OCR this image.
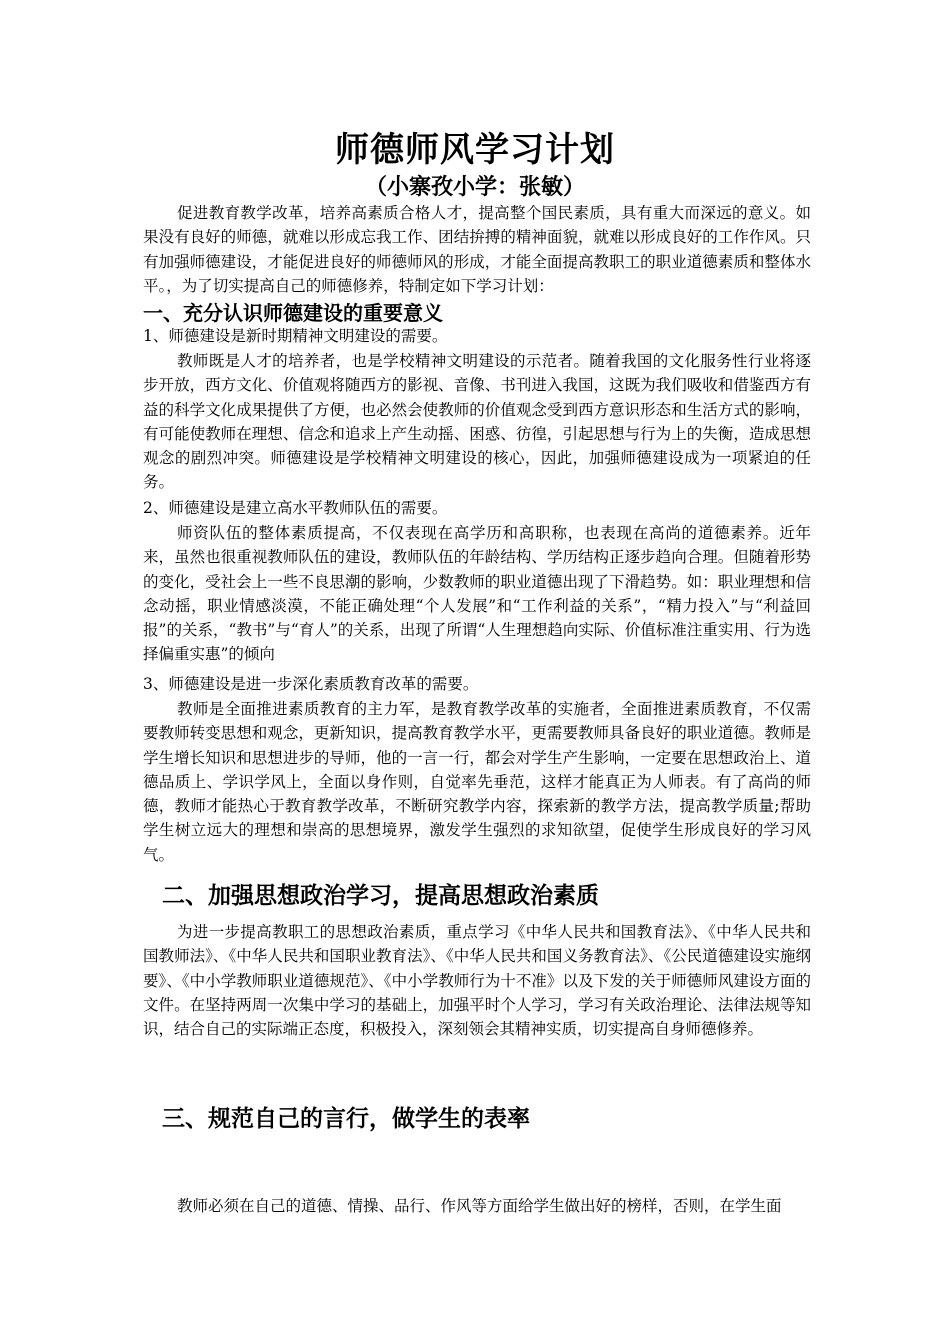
师德师风学习计划
（小寨孜小学：张敏）
促进教育教学改革，培养高素质合格人才，提高整个国民素质，具有重大而深远的意义。如果没有良好的师德，就难以形成忘我工作、团结拚搏的精神面貌，就难以形成良好的工作作风。只有加强师德建设，才能促进良好的师德师风的形成，才能全面提高教职工的职业道德素质和整体水平。，为了切实提高自己的师德修养，特制定如下学习计划：
一、充分认识师德建设的重要意义
1、师德建设是新时期精神文明建设的需要。
教师既是人才的培养者，也是学校精神文明建设的示范者。随着我国的文化服务性行业将逐步开放，西方文化、价值观将随西方的影视、音像、书刊进入我国，这既为我们吸收和借鉴西方有益的科学文化成果提供了方便，也必然会使教师的价值观念受到西方意识形态和生活方式的影响，有可能使教师在理想、信念和追求上产生动摇、困惑、彷徨，引起思想与行为上的失衡，造成思想观念的剧烈冲突。师德建设是学校精神文明建设的核心，因此，加强师德建设成为一项紧迫的任务。
2、师德建设是建立高水平教师队伍的需要。
师资队伍的整体素质提高，不仅表现在高学历和高职称，也表现在高尚的道德素养。近年来，虽然也很重视教师队伍的建设，教师队伍的年龄结构、学历结构正逐步趋向合理。但随着形势的变化，受社会上一些不良思潮的影响，少数教师的职业道德出现了下滑趋势。如：职业理想和信念动摇，职业情感淡漠，不能正确处理“个人发展”和“工作利益的关系”，“精力投入”与“利益回报”的关系，“教书”与“育人”的关系，出现了所谓“人生理想趋向实际、价值标准注重实用、行为选择偏重实惠”的倾向
3、师德建设是进一步深化素质教育改革的需要。
教师是全面推进素质教育的主力军，是教育教学改革的实施者，全面推进素质教育，不仅需要教师转变思想和观念，更新知识，提高教育教学水平，更需要教师具备良好的职业道德。教师是学生增长知识和思想进步的导师，他的一言一行，都会对学生产生影响，一定要在思想政治上、道德品质上、学识学风上，全面以身作则，自觉率先垂范，这样才能真正为人师表。有了高尚的师德，教师才能热心于教育教学改革，不断研究教学内容，探索新的教学方法，提高教学质量;帮助学生树立远大的理想和崇高的思想境界，激发学生强烈的求知欲望，促使学生形成良好的学习风气。
二、加强思想政治学习，提高思想政治素质
为进一步提高教职工的思想政治素质，重点学习《中华人民共和国教育法》、《中华人民共和国教师法》、《中华人民共和国职业教育法》、《中华人民共和国义务教育法》、《公民道德建设实施纲要》、《中小学教师职业道德规范》、《中小学教师行为十不准》以及下发的关于师德师风建设方面的文件。在坚持两周一次集中学习的基础上，加强平时个人学习，学习有关政治理论、法律法规等知识，结合自己的实际端正态度，积极投入，深刻领会其精神实质，切实提高自身师德修养。
三、规范自己的言行，做学生的表率
教师必须在自己的道德、情操、品行、作风等方面给学生做出好的榜样，否则，在学生面
